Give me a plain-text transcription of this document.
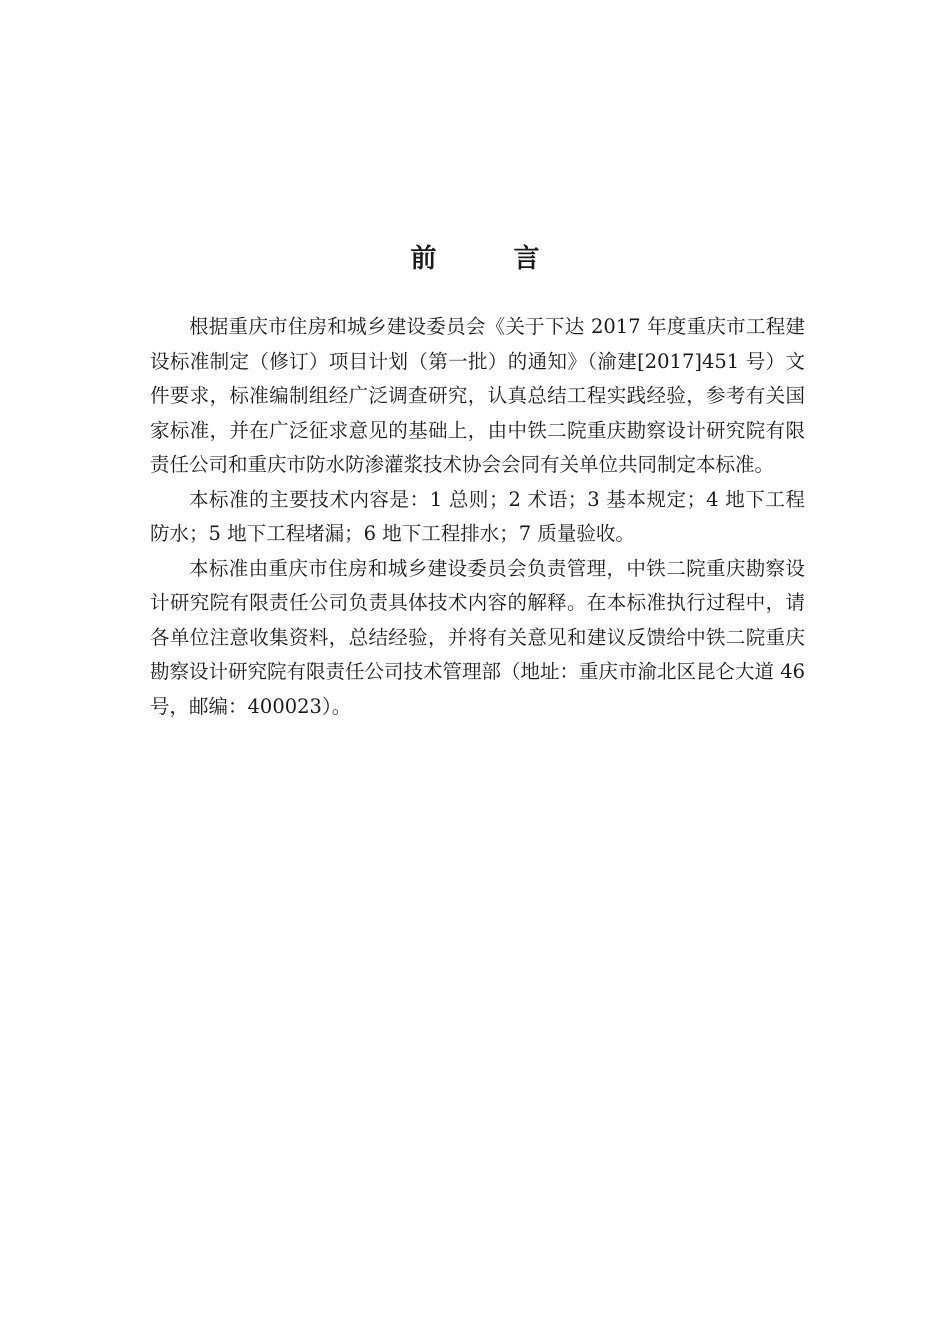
前 言

根据重庆市住房和城乡建设委员会《关于下达 2017 年度重庆市工程建设标准制定（修订）项目计划（第一批）的通知》（渝建[2017]451 号）文件要求，标准编制组经广泛调查研究，认真总结工程实践经验，参考有关国家标准，并在广泛征求意见的基础上，由中铁二院重庆勘察设计研究院有限责任公司和重庆市防水防渗灌浆技术协会会同有关单位共同制定本标准。

本标准的主要技术内容是：1 总则；2 术语；3 基本规定；4 地下工程防水；5 地下工程堵漏；6 地下工程排水；7 质量验收。

本标准由重庆市住房和城乡建设委员会负责管理，中铁二院重庆勘察设计研究院有限责任公司负责具体技术内容的解释。在本标准执行过程中，请各单位注意收集资料，总结经验，并将有关意见和建议反馈给中铁二院重庆勘察设计研究院有限责任公司技术管理部（地址：重庆市渝北区昆仑大道 46 号，邮编：400023）。
